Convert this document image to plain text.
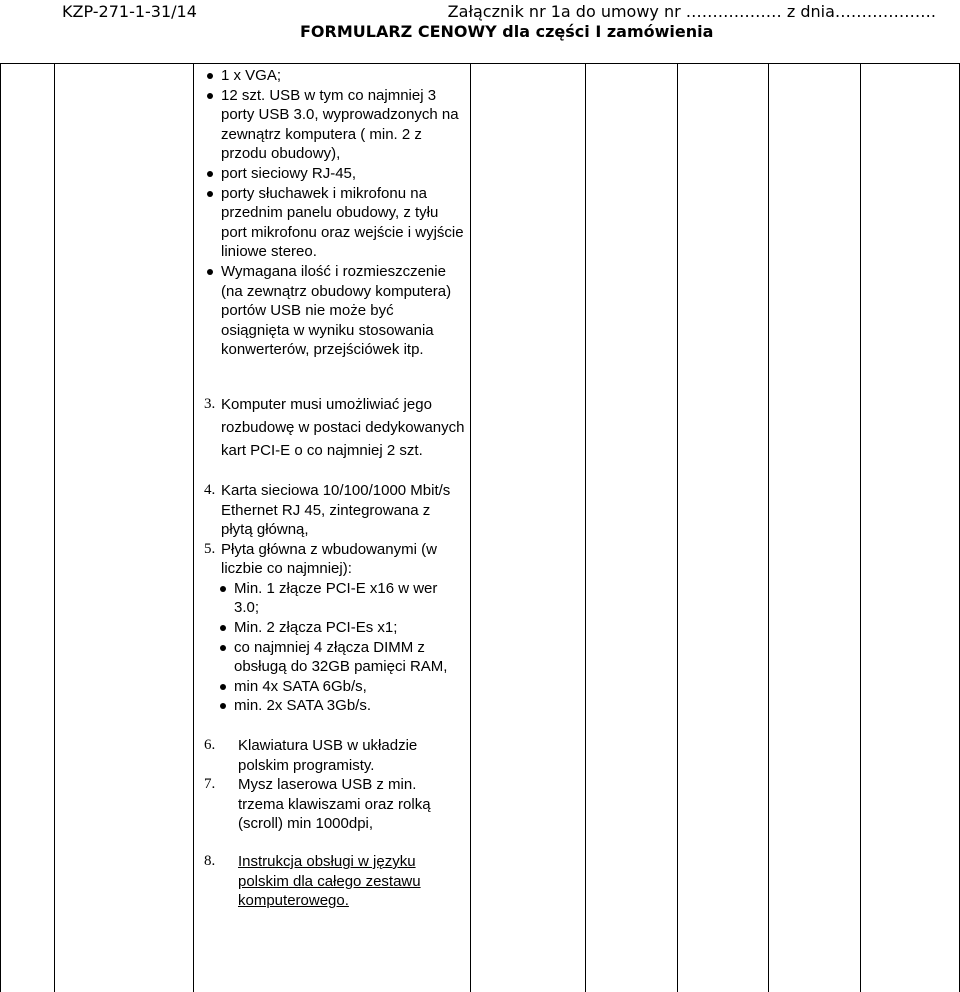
KZP-271-1-31/14	Załącznik nr 1a do umowy nr ……………… z dnia……………….
FORMULARZ CENOWY dla części I zamówienia
1 x VGA;
12 szt. USB w tym co najmniej 3 porty USB 3.0, wyprowadzonych na zewnątrz komputera ( min. 2 z przodu obudowy),
port sieciowy RJ-45,
porty słuchawek i mikrofonu na przednim panelu obudowy, z tyłu port mikrofonu oraz wejście i wyjście liniowe stereo.
Wymagana ilość i rozmieszczenie (na zewnątrz obudowy komputera) portów USB nie może być osiągnięta w wyniku stosowania konwerterów, przejściówek itp.
3. Komputer musi umożliwiać jego rozbudowę w postaci dedykowanych kart PCI-E o co najmniej 2 szt.
4. Karta sieciowa 10/100/1000 Mbit/s Ethernet RJ 45, zintegrowana z płytą główną,
5. Płyta główna z wbudowanymi (w liczbie co najmniej):
Min. 1 złącze PCI-E x16 w wer 3.0;
Min. 2 złącza PCI-Es x1;
co najmniej 4 złącza DIMM z obsługą do 32GB pamięci RAM,
min 4x SATA 6Gb/s,
min. 2x SATA 3Gb/s.
6. Klawiatura USB w układzie polskim programisty.
7. Mysz laserowa USB z min. trzema klawiszami oraz rolką (scroll) min 1000dpi,
8. Instrukcja obsługi w języku polskim dla całego zestawu komputerowego.
